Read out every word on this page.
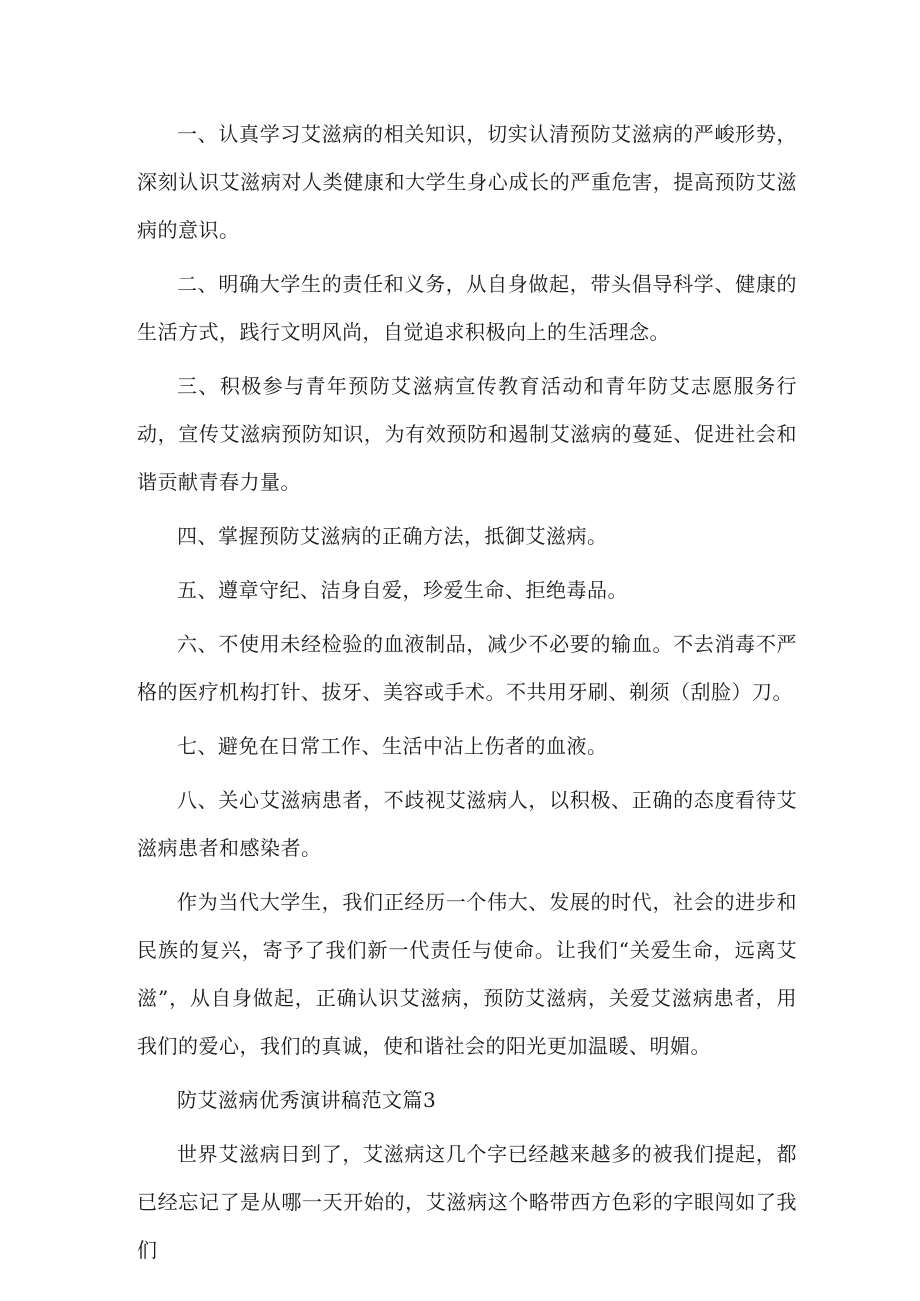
一、认真学习艾滋病的相关知识，切实认清预防艾滋病的严峻形势，深刻认识艾滋病对人类健康和大学生身心成长的严重危害，提高预防艾滋病的意识。

二、明确大学生的责任和义务，从自身做起，带头倡导科学、健康的生活方式，践行文明风尚，自觉追求积极向上的生活理念。

三、积极参与青年预防艾滋病宣传教育活动和青年防艾志愿服务行动，宣传艾滋病预防知识，为有效预防和遏制艾滋病的蔓延、促进社会和谐贡献青春力量。

四、掌握预防艾滋病的正确方法，抵御艾滋病。

五、遵章守纪、洁身自爱，珍爱生命、拒绝毒品。

六、不使用未经检验的血液制品，减少不必要的输血。不去消毒不严格的医疗机构打针、拔牙、美容或手术。不共用牙刷、剃须（刮脸）刀。

七、避免在日常工作、生活中沾上伤者的血液。

八、关心艾滋病患者，不歧视艾滋病人，以积极、正确的态度看待艾滋病患者和感染者。

作为当代大学生，我们正经历一个伟大、发展的时代，社会的进步和民族的复兴，寄予了我们新一代责任与使命。让我们“关爱生命，远离艾滋”，从自身做起，正确认识艾滋病，预防艾滋病，关爱艾滋病患者，用我们的爱心，我们的真诚，使和谐社会的阳光更加温暖、明媚。

防艾滋病优秀演讲稿范文篇3

世界艾滋病日到了，艾滋病这几个字已经越来越多的被我们提起，都已经忘记了是从哪一天开始的，艾滋病这个略带西方色彩的字眼闯如了我们
